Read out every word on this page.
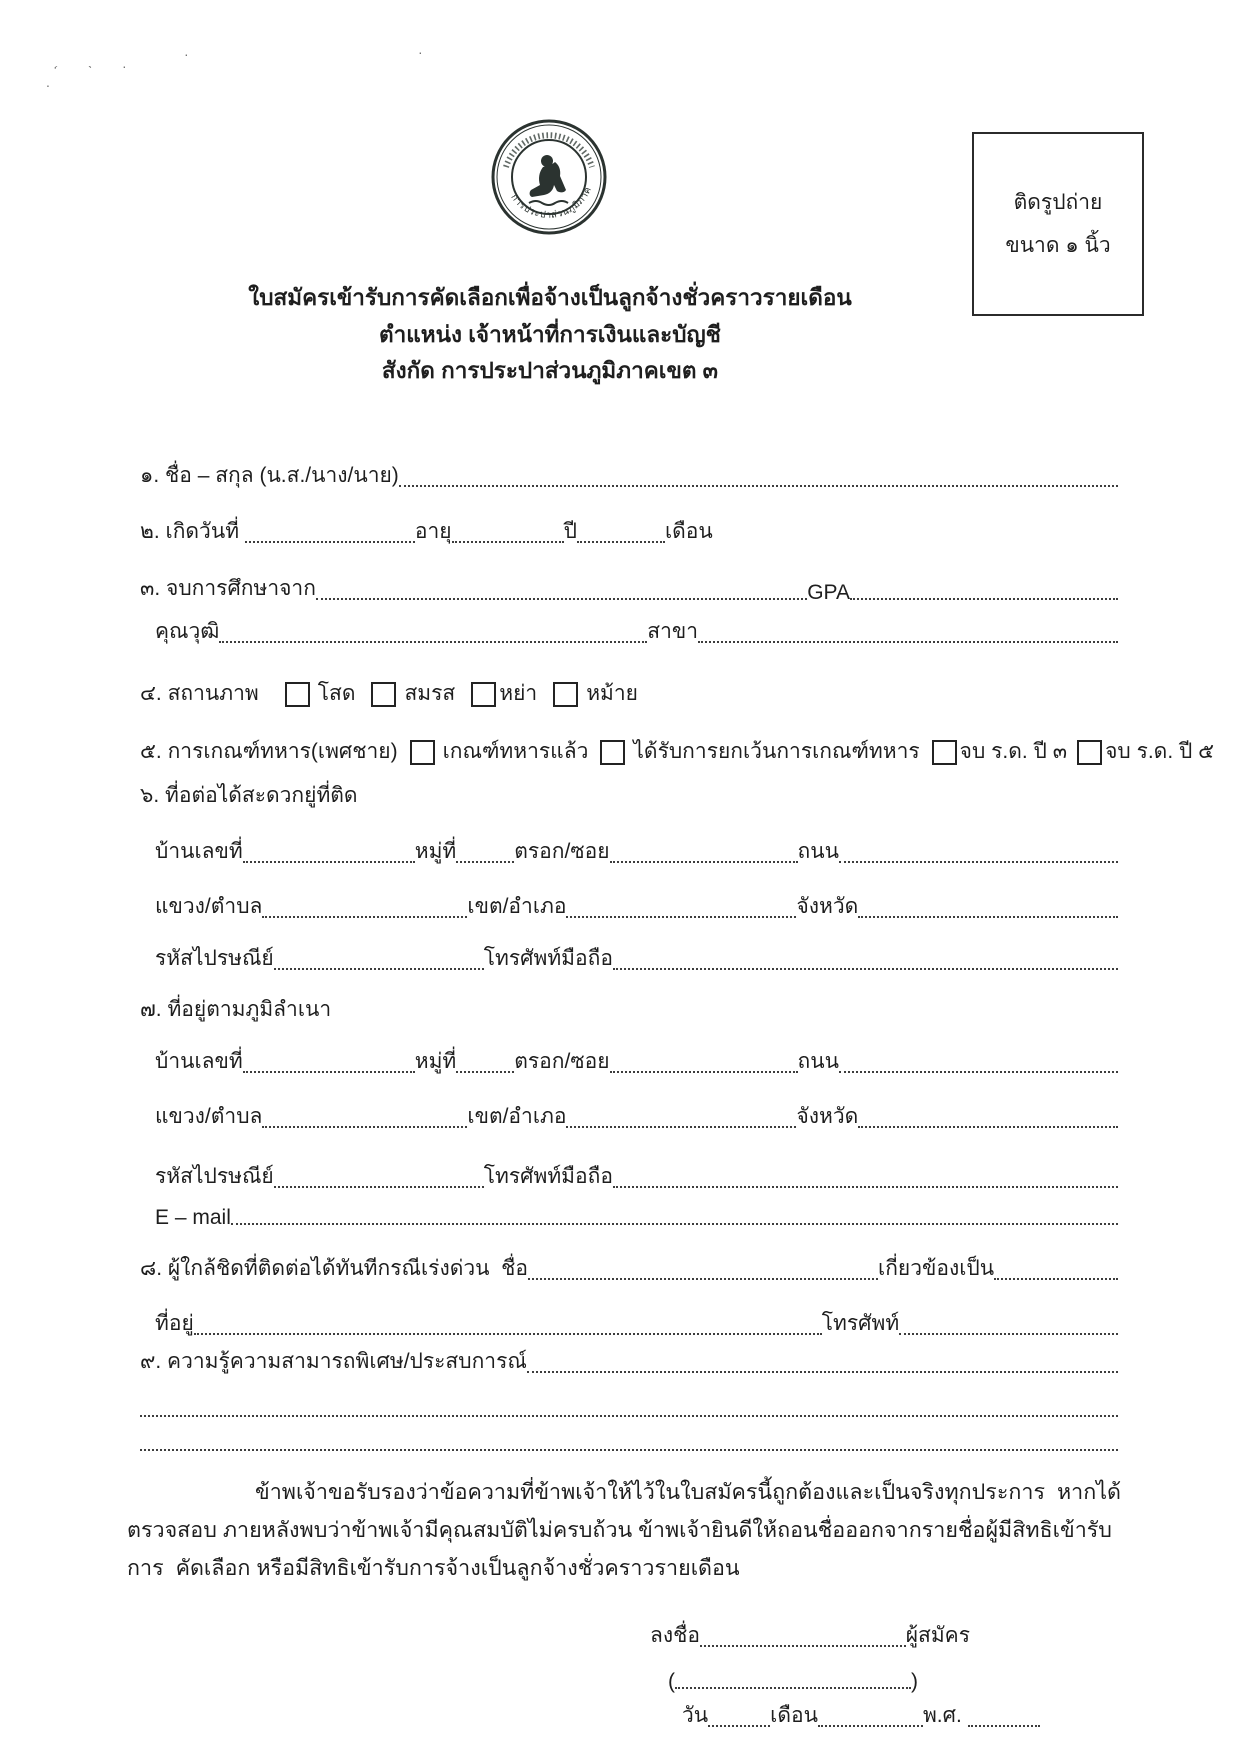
ʻ
ˎ ·
·
.
·
การประปาส่วนภูมิภาค
ติดรูปถ่าย
ขนาด ๑ นิ้ว
ใบสมัครเข้ารับการคัดเลือกเพื่อจ้างเป็นลูกจ้างชั่วคราวรายเดือน
ตำแหน่ง เจ้าหน้าที่การเงินและบัญชี
สังกัด การประปาส่วนภูมิภาคเขต ๓
๑. ชื่อ – สกุล (น.ส./นาง/นาย)
๒. เกิดวันที่	อายุ	ปี	เดือน
๓. จบการศึกษาจาก	GPA
คุณวุฒิ	สาขา
๔. สถานภาพ	โสด สมรส หย่า หม้าย
๕. การเกณฑ์ทหาร(เพศชาย) เกณฑ์ทหารแล้ว ได้รับการยกเว้นการเกณฑ์ทหาร จบ ร.ด. ปี ๓ จบ ร.ด. ปี ๕
๖. ที่อต่อได้สะดวกยู่ที่ติด
บ้านเลขที่	หมู่ที่	ตรอก/ซอย	ถนน
แขวง/ตำบล	เขต/อำเภอ	จังหวัด
รหัสไปรษณีย์	โทรศัพท์มือถือ
๗. ที่อยู่ตามภูมิลำเนา
บ้านเลขที่	หมู่ที่	ตรอก/ซอย	ถนน
แขวง/ตำบล	เขต/อำเภอ	จังหวัด
รหัสไปรษณีย์	โทรศัพท์มือถือ
E – mail
๘. ผู้ใกล้ชิดที่ติดต่อได้ทันทีกรณีเร่งด่วน  ชื่อ	เกี่ยวข้องเป็น
ที่อยู่	โทรศัพท์
๙. ความรู้ความสามารถพิเศษ/ประสบการณ์
ข้าพเจ้าขอรับรองว่าข้อความที่ข้าพเจ้าให้ไว้ในใบสมัครนี้ถูกต้องและเป็นจริงทุกประการ  หากได้
ตรวจสอบ ภายหลังพบว่าข้าพเจ้ามีคุณสมบัติไม่ครบถ้วน ข้าพเจ้ายินดีให้ถอนชื่อออกจากรายชื่อผู้มีสิทธิเข้ารับ
การ  คัดเลือก หรือมีสิทธิเข้ารับการจ้างเป็นลูกจ้างชั่วคราวรายเดือน
ลงชื่อ	ผู้สมัคร
(	)
วัน	เดือน	พ.ศ.
